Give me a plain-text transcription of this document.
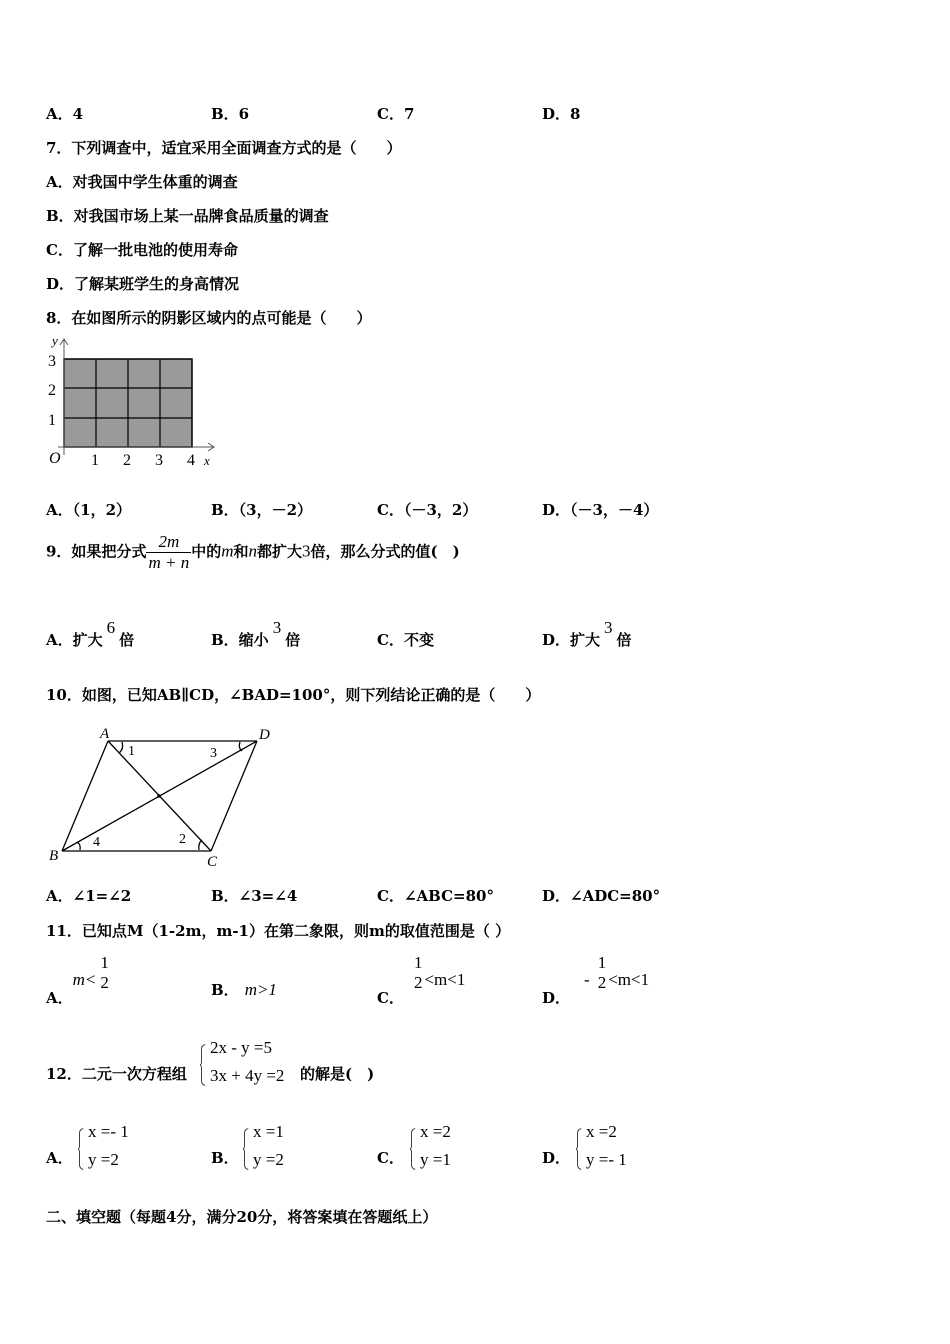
A．4	B．6	C．7	D．8
7．下列调查中，适宜采用全面调查方式的是（　　）
A．对我国中学生体重的调查
B．对我国市场上某一品牌食品质量的调查
C．了解一批电池的使用寿命
D．了解某班学生的身高情况
8．在如图所示的阴影区域内的点可能是（　　）
y
3
2
1
O 1 2 3 4 x
A．（1，2）	B．（3，－2）	C．（－3，2）	D．（－3，－4）
9．如果把分式 $\frac{2m}{m + n}$ 中的m和n都扩大3倍，那么分式的值(　)
A．扩大6倍	B．缩小3倍	C．不变	D．扩大3倍
10．如图，已知AB∥CD，∠BAD=100°，则下列结论正确的是（　　）
A	D
B	C
1	3
2
4
A．∠1=∠2	B．∠3=∠4	C．∠ABC=80°	D．∠ADC=80°
11．已知点M（1-2m，m-1）在第二象限，则m的取值范围是（ ）
A．m<
1
2	B． m>1	C．
1
2 <m<1
D．-
1
2 <m<1
12．二元一次方程组
2x - y =5
3x + 4y =2 的解是(　)
A．
x =- 1
y =2	B．
x =1
y =2	C．
x =2
y =1	D．
x =2
y =- 1
二、填空题（每题4分，满分20分，将答案填在答题纸上）
